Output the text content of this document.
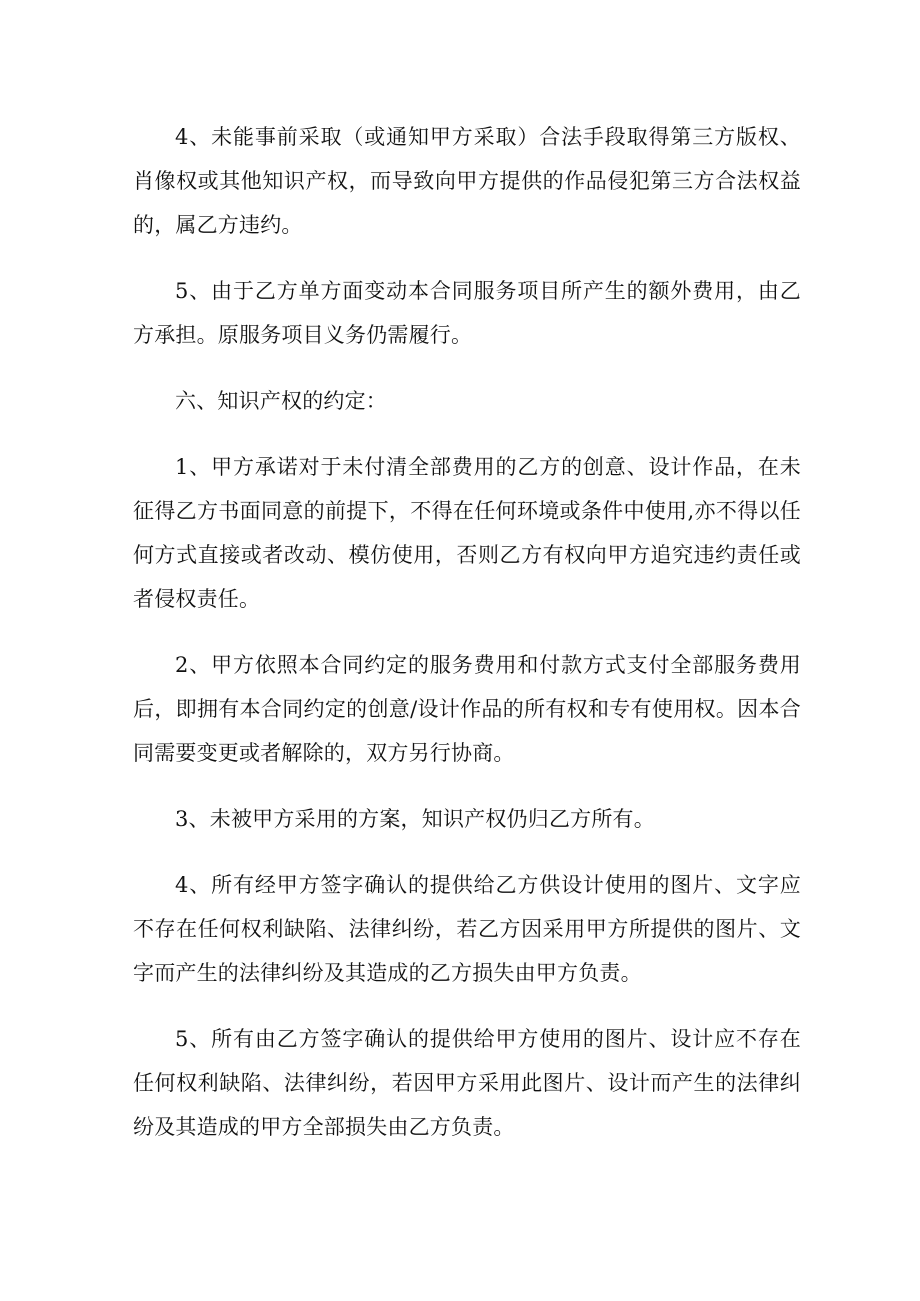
4、未能事前采取（或通知甲方采取）合法手段取得第三方版权、肖像权或其他知识产权，而导致向甲方提供的作品侵犯第三方合法权益的，属乙方违约。

5、由于乙方单方面变动本合同服务项目所产生的额外费用，由乙方承担。原服务项目义务仍需履行。

六、知识产权的约定：

1、甲方承诺对于未付清全部费用的乙方的创意、设计作品，在未征得乙方书面同意的前提下，不得在任何环境或条件中使用,亦不得以任何方式直接或者改动、模仿使用，否则乙方有权向甲方追究违约责任或者侵权责任。

2、甲方依照本合同约定的服务费用和付款方式支付全部服务费用后，即拥有本合同约定的创意/设计作品的所有权和专有使用权。因本合同需要变更或者解除的，双方另行协商。

3、未被甲方采用的方案，知识产权仍归乙方所有。

4、所有经甲方签字确认的提供给乙方供设计使用的图片、文字应不存在任何权利缺陷、法律纠纷，若乙方因采用甲方所提供的图片、文字而产生的法律纠纷及其造成的乙方损失由甲方负责。

5、所有由乙方签字确认的提供给甲方使用的图片、设计应不存在任何权利缺陷、法律纠纷，若因甲方采用此图片、设计而产生的法律纠纷及其造成的甲方全部损失由乙方负责。
